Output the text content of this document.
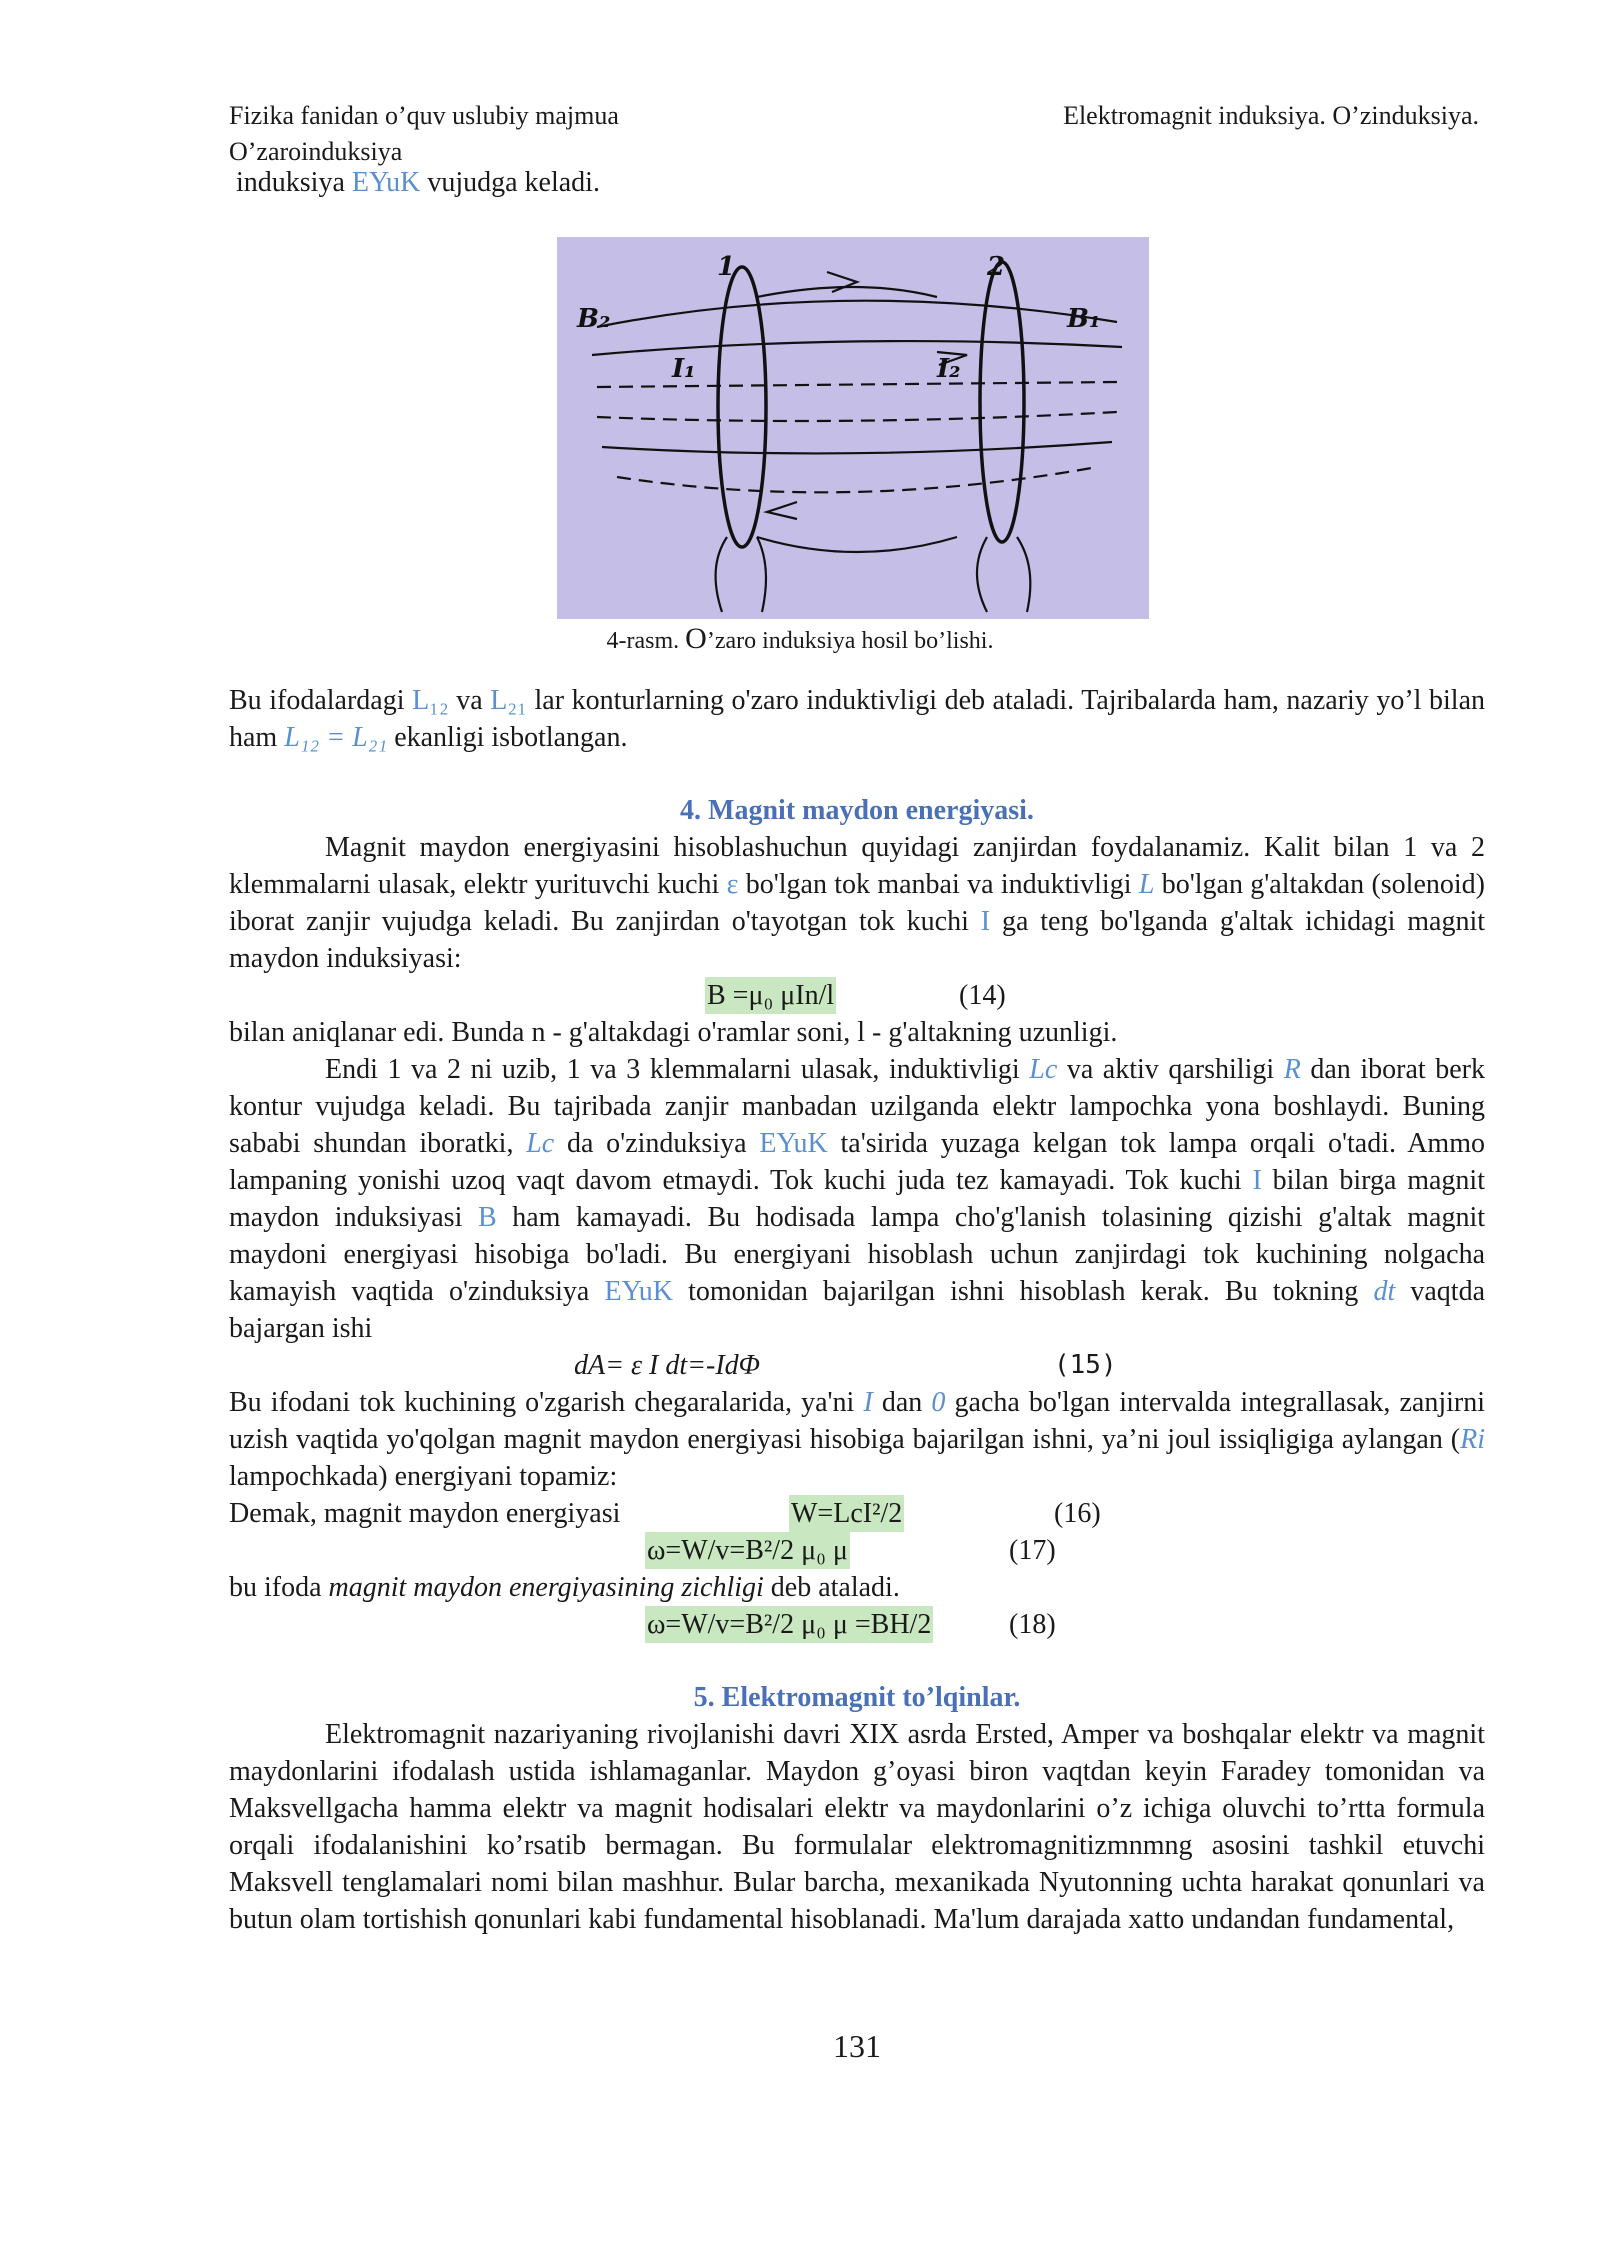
Fizika fanidan o’quv uslubiy majmua
O’zaroinduksiya
Elektromagnit induksiya. O’zinduksiya.

induksiya EYuK vujudga keladi.

1	2
B₂	B₁
I₁	I₂
4-rasm. O’zaro induksiya hosil bo’lishi.

Bu ifodalardagi L₁₂ va L₂₁ lar konturlarning o'zaro induktivligi deb ataladi. Tajribalarda ham, nazariy yo’l bilan ham L₁₂ = L₂₁ ekanligi isbotlangan.

4. Magnit maydon energiyasi.

Magnit maydon energiyasini hisoblashuchun quyidagi zanjirdan foydalanamiz. Kalit bilan 1 va 2 klemmalarni ulasak, elektr yurituvchi kuchi ε bo'lgan tok manbai va induktivligi L bo'lgan g'altakdan (solenoid) iborat zanjir vujudga keladi. Bu zanjirdan o'tayotgan tok kuchi I ga teng bo'lganda g'altak ichidagi magnit maydon induksiyasi:

B =μ₀ μIn/l	(14)

bilan aniqlanar edi. Bunda n - g'altakdagi o'ramlar soni, l - g'altakning uzunligi.

Endi 1 va 2 ni uzib, 1 va 3 klemmalarni ulasak, induktivligi Lc va aktiv qarshiligi R dan iborat berk kontur vujudga keladi. Bu tajribada zanjir manbadan uzilganda elektr lampochka yona boshlaydi. Buning sababi shundan iboratki, Lc da o'zinduksiya EYuK ta'sirida yuzaga kelgan tok lampa orqali o'tadi. Ammo lampaning yonishi uzoq vaqt davom etmaydi. Tok kuchi juda tez kamayadi. Tok kuchi I bilan birga magnit maydon induksiyasi B ham kamayadi. Bu hodisada lampa cho'g'lanish tolasining qizishi g'altak magnit maydoni energiyasi hisobiga bo'ladi. Bu energiyani hisoblash uchun zanjirdagi tok kuchining nolgacha kamayish vaqtida o'zinduksiya EYuK tomonidan bajarilgan ishni hisoblash kerak. Bu tokning dt vaqtda bajargan ishi

dA= ε I dt=-IdΦ	(15)

Bu ifodani tok kuchining o'zgarish chegaralarida, ya'ni I dan 0 gacha bo'lgan intervalda integrallasak, zanjirni uzish vaqtida yo'qolgan magnit maydon energiyasi hisobiga bajarilgan ishni, ya’ni joul issiqligiga aylangan (Ri lampochkada) energiyani topamiz:

Demak, magnit maydon energiyasi	W=LcI²/2	(16)
ω=W/v=B²/2 μ₀ μ	(17)

bu ifoda magnit maydon energiyasining zichligi deb ataladi.

ω=W/v=B²/2 μ₀ μ =BH/2	(18)

5. Elektromagnit to’lqinlar.

Elektromagnit nazariyaning rivojlanishi davri XIX asrda Ersted, Amper va boshqalar elektr va magnit maydonlarini ifodalash ustida ishlamaganlar. Maydon g’oyasi biron vaqtdan keyin Faradey tomonidan va Maksvellgacha hamma elektr va magnit hodisalari elektr va maydonlarini o’z ichiga oluvchi to’rtta formula orqali ifodalanishini ko’rsatib bermagan. Bu formulalar elektromagnitizmnmng asosini tashkil etuvchi Maksvell tenglamalari nomi bilan mashhur. Bular barcha, mexanikada Nyutonning uchta harakat qonunlari va butun olam tortishish qonunlari kabi fundamental hisoblanadi. Ma'lum darajada xatto undandan fundamental,

131
